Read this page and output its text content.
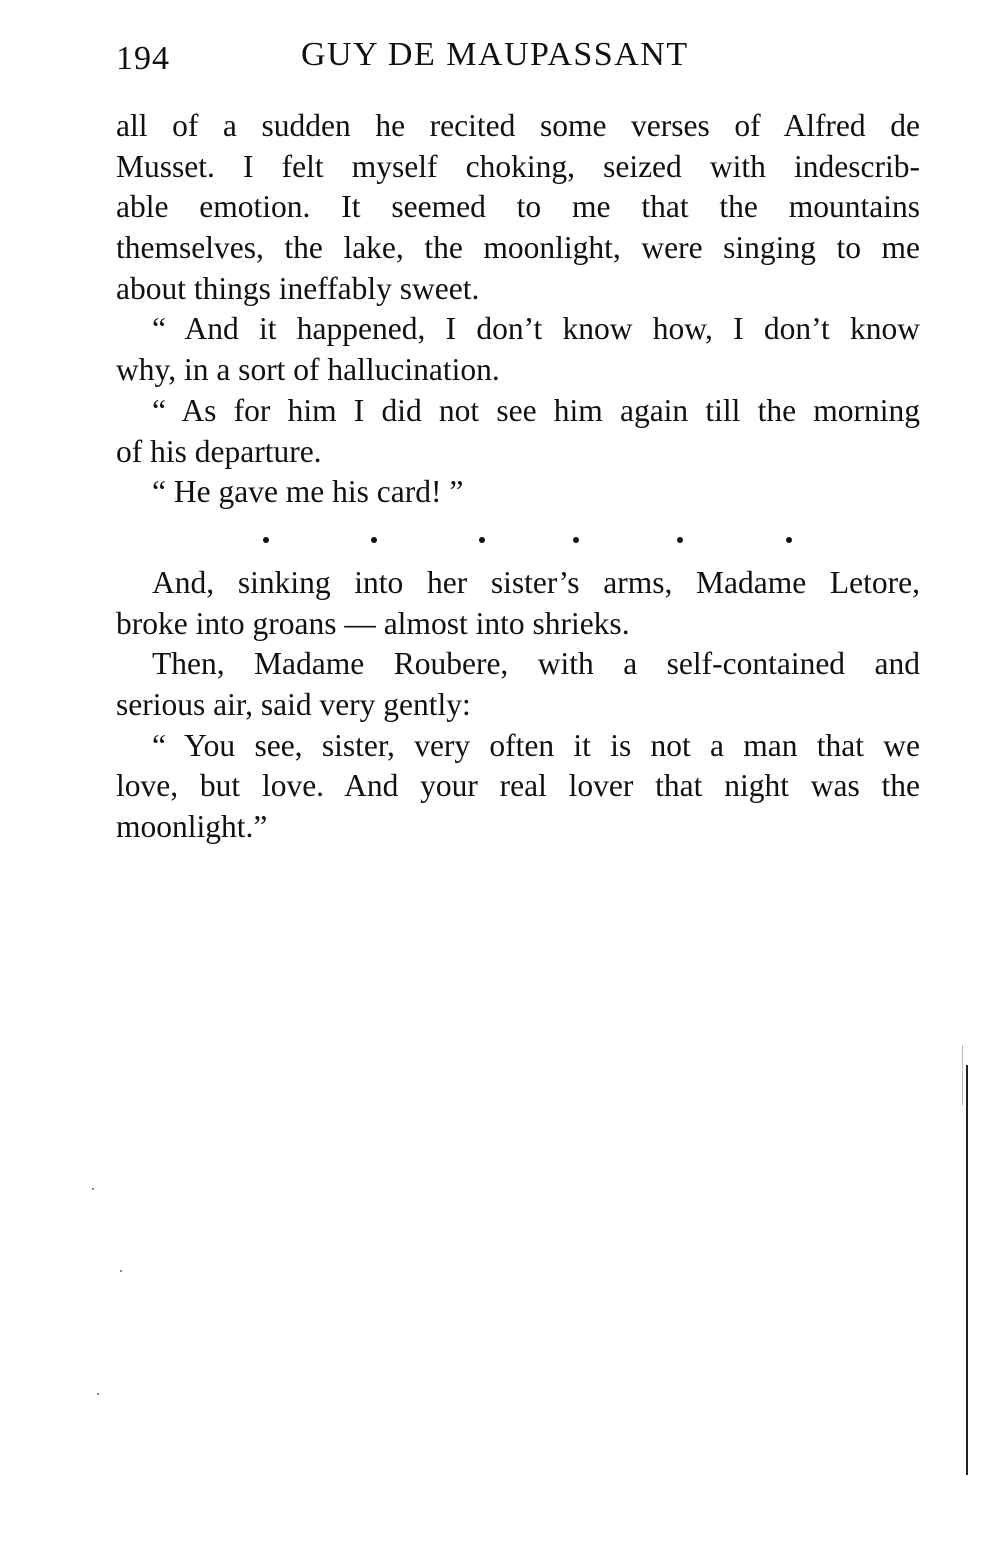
194	GUY DE MAUPASSANT
all of a sudden he recited some verses of Alfred de
Musset. I felt myself choking, seized with indescrib-
able emotion. It seemed to me that the mountains
themselves, the lake, the moonlight, were singing to me
about things ineffably sweet.
“ And it happened, I don’t know how, I don’t know
why, in a sort of hallucination.
“ As for him I did not see him again till the morning
of his departure.
“ He gave me his card! ”
And, sinking into her sister’s arms, Madame Letore,
broke into groans — almost into shrieks.
Then, Madame Roubere, with a self-contained and
serious air, said very gently:
“ You see, sister, very often it is not a man that we
love, but love. And your real lover that night was the
moonlight.”
